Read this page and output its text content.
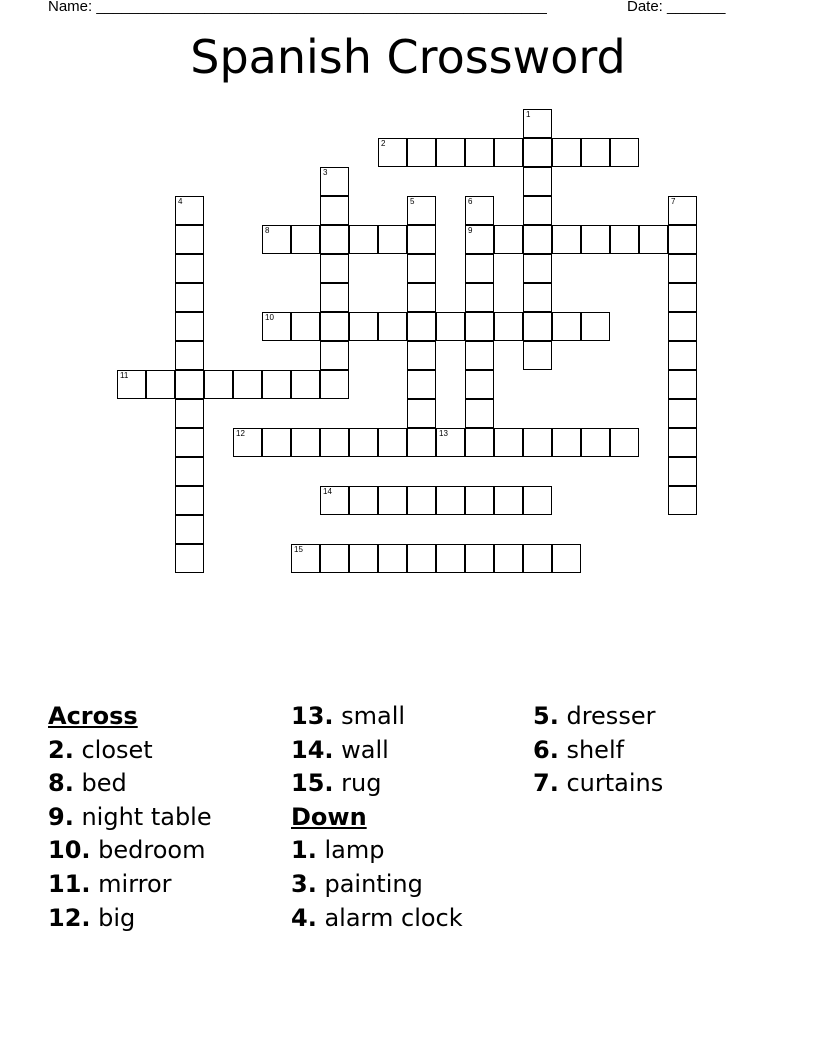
Name: ______________________________________________________	Date: _______
Spanish Crossword
1
2
3
4	5	6	7
8	9
10
11
12	13
14
15
Across
2. closet
8. bed
9. night table
10. bedroom
11. mirror
12. big
13. small
14. wall
15. rug
Down
1. lamp
3. painting
4. alarm clock
5. dresser
6. shelf
7. curtains
